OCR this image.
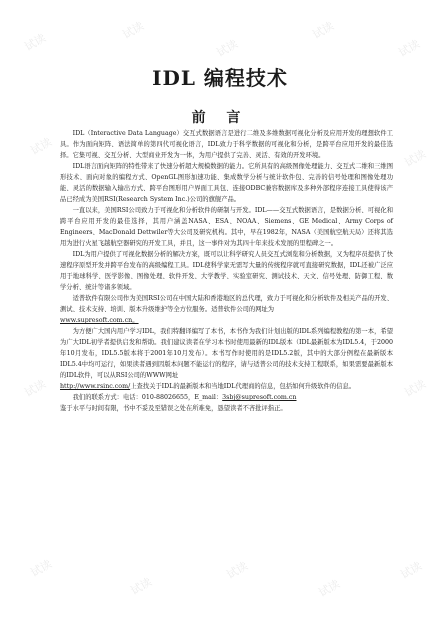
试读
试读
试读
试读
试读
试读
试读
试读	试读
试读
试读
试读
试读
试读
IDL 编程技术
前 言

IDL（Interactive Data Language）交互式数据语言是进行二维及多维数据可视化分析及应用开发的理想软件工具。作为面向矩阵、语法简单的第四代可视化语言，IDL致力于科学数据的可视化和分析，是跨平台应用开发的最佳选择。它集可视、交互分析、大型商业开发为一体，为用户提供了完善、灵活、有效的开发环境。

IDL语言面向矩阵的特性带来了快速分析超大规模数据的能力。它所具有的高级图像处理能力、交互式二维和三维图形技术、面向对象的编程方式、OpenGL图形加速功能、集成数学分析与统计软件包、完善的信号处理和图像处理功能、灵活的数据输入输出方式、跨平台图形用户界面工具包、连接ODBC兼容数据库及多种外部程序连接工具使得该产品已经成为美国RSI(Research System Inc.)公司的旗舰产品。

一直以来，美国RSI公司致力于可视化和分析软件的研制与开发。IDL——交互式数据语言，是数据分析、可视化和跨平台应用开发的最佳选择，其用户涵盖NASA、ESA、NOAA、Siemens、GE Medical、Army Corps of Engineers、MacDonald Dettwiler等大公司及研究机构。其中，早在1982年，NASA（美国航空航天局）还将其选用为进行火星飞越航空器研究的开发工具，并且，这一事件对为其四十年来技术发展的里程碑之一。

IDL为用户提供了可视化数据分析的解决方案，既可以让科学研究人员交互式浏览和分析数据，又为程序员提供了快速程序原型开发并跨平台发布的高级编程工具。IDL使科学家无需写大量的传统程序就可直接研究数据，IDL还被广泛应用于地球科学、医学影像、图像处理、软件开发、大学教学、实验室研究、测试技术、天文、信号处理、防御工程、数学分析、统计等诸多领域。

适普软件有限公司作为美国RSI公司在中国大陆和香港地区的总代理，致力于可视化和分析软件及相关产品的开发、测试、技术支持、培训、版本升级维护等全方位服务。适普软件公司的网址为

www.supresoft.com.cn。

为方便广大国内用户学习IDL，我们特翻译编写了本书，本书作为我们计划出版的IDL系列编程教程的第一本，希望为广大IDL初学者提供启发和帮助。我们建议读者在学习本书时使用最新的IDL版本（IDL最新版本为IDL5.4，于2000年10月发布，IDL5.5版本将于2001年10月发布）。本书写作时使用的是IDL5.2版，其中的大部分例程在最新版本IDL5.4中均可运行，如果读者遇到因版本问题不能运行的程序，请与适普公司的技术支持工程联系，如果需要最新版本的IDL软件，可以从RSI公司的WWW网址
http://www.rsinc.com/上查找关于IDL的最新版本和当地IDL代理商的信息，包括如何升级软件的信息。

我们的联系方式：电话：010-88026655，E_mail：3sbj@supresoft.com.cn

鉴于水平与时间有限，书中不妥及至错误之处在所难免，恳望读者不吝批评指正。
